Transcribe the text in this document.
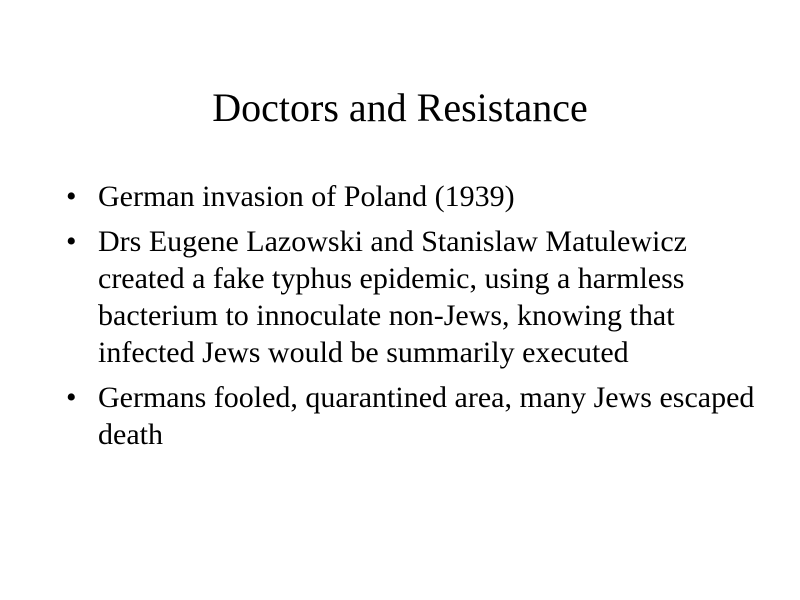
Doctors and Resistance
• German invasion of Poland (1939)
• Drs Eugene Lazowski and Stanislaw Matulewicz created a fake typhus epidemic, using a harmless bacterium to innoculate non-Jews, knowing that infected Jews would be summarily executed
• Germans fooled, quarantined area, many Jews escaped death
